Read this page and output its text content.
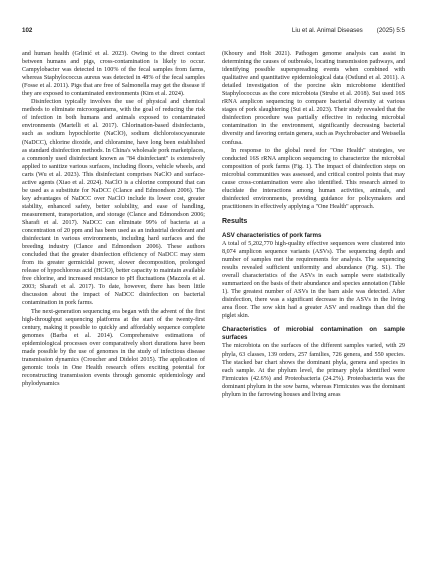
102	Liu et al. Animal Diseases (2025) 5:5

and human health (Grlinić et al. 2023). Owing to the direct contact between humans and pigs, cross-contamination is likely to occur. Campylobacter was detected in 100% of the fecal samples from farms, whereas Staphylococcus aureus was detected in 48% of the fecal samples (Fosse et al. 2011). Pigs that are free of Salmonella may get the disease if they are exposed to contaminated environments (Kim et al. 2024).

Disinfection typically involves the use of physical and chemical methods to eliminate microorganisms, with the goal of reducing the risk of infection in both humans and animals exposed to contaminated environments (Martelli et al. 2017). Chlorination-based disinfectants, such as sodium hypochlorite (NaClO), sodium dichloroisocyanurate (NaDCC), chlorine dioxide, and chloramine, have long been established as standard disinfection methods. In China's wholesale pork marketplaces, a commonly used disinfectant known as "84 disinfectant" is extensively applied to sanitize various surfaces, including floors, vehicle wheels, and carts (Wu et al. 2023). This disinfectant comprises NaClO and surface-active agents (Xiao et al. 2024). NaClO is a chlorine compound that can be used as a substitute for NaDCC (Clance and Edmondson 2006). The key advantages of NaDCC over NaClO include its lower cost, greater stability, enhanced safety, better solubility, and ease of handling, measurement, transportation, and storage (Clance and Edmondson 2006; Sharafi et al. 2017). NaDCC can eliminate 99% of bacteria at a concentration of 20 ppm and has been used as an industrial deodorant and disinfectant in various environments, including hard surfaces and the breeding industry (Clance and Edmondson 2006). These authors concluded that the greater disinfection efficiency of NaDCC may stem from its greater germicidal power, slower decomposition, prolonged release of hypochlorous acid (HClO), better capacity to maintain available free chlorine, and increased resistance to pH fluctuations (Mazzola et al. 2003; Sharafi et al. 2017). To date, however, there has been little discussion about the impact of NaDCC disinfection on bacterial contamination in pork farms.

The next-generation sequencing era began with the advent of the first high-throughput sequencing platforms at the start of the twenty-first century, making it possible to quickly and affordably sequence complete genomes (Barba et al. 2014). Comprehensive estimations of epidemiological processes over comparatively short durations have been made possible by the use of genomes in the study of infectious disease transmission dynamics (Croucher and Didelot 2015). The application of genomic tools in One Health research offers exciting potential for reconstructing transmission events through genomic epidemiology and phylodynamics

(Khoury and Holt 2021). Pathogen genome analysis can assist in determining the causes of outbreaks, locating transmission pathways, and identifying possible superspreading events when combined with qualitative and quantitative epidemiological data (Ostlund et al. 2011). A detailed investigation of the porcine skin microbiome identified Staphylococcus as the core microbiota (Strube et al. 2018). Sui used 16S rRNA amplicon sequencing to compare bacterial diversity at various stages of pork slaughtering (Sui et al. 2023). Their study revealed that the disinfection procedure was partially effective in reducing microbial contamination in the environment, significantly decreasing bacterial diversity and favoring certain genera, such as Psychrobacter and Weissella confusa.

In response to the global need for "One Health" strategies, we conducted 16S rRNA amplicon sequencing to characterize the microbial composition of pork farms (Fig. 1). The impact of disinfection steps on microbial communities was assessed, and critical control points that may cause cross-contamination were also identified. This research aimed to elucidate the interactions among human activities, animals, and disinfected environments, providing guidance for policymakers and practitioners in effectively applying a "One Health" approach.

Results
ASV characteristics of pork farms

A total of 5,202,770 high-quality effective sequences were clustered into 8,074 amplicon sequence variants (ASVs). The sequencing depth and number of samples met the requirements for analysis. The sequencing results revealed sufficient uniformity and abundance (Fig. S1). The overall characteristics of the ASVs in each sample were statistically summarized on the basis of their abundance and species annotation (Table 1). The greatest number of ASVs in the barn aisle was detected. After disinfection, there was a significant decrease in the ASVs in the living area floor. The sow skin had a greater ASV and readings than did the piglet skin.

Characteristics of microbial contamination on sample surfaces

The microbiota on the surfaces of the different samples varied, with 29 phyla, 63 classes, 139 orders, 257 families, 726 genera, and 550 species. The stacked bar chart shows the dominant phyla, genera and species in each sample. At the phylum level, the primary phyla identified were Firmicutes (42.6%) and Proteobacteria (24.2%). Proteobacteria was the dominant phylum in the sow barns, whereas Firmicutes was the dominant phylum in the farrowing houses and living areas
